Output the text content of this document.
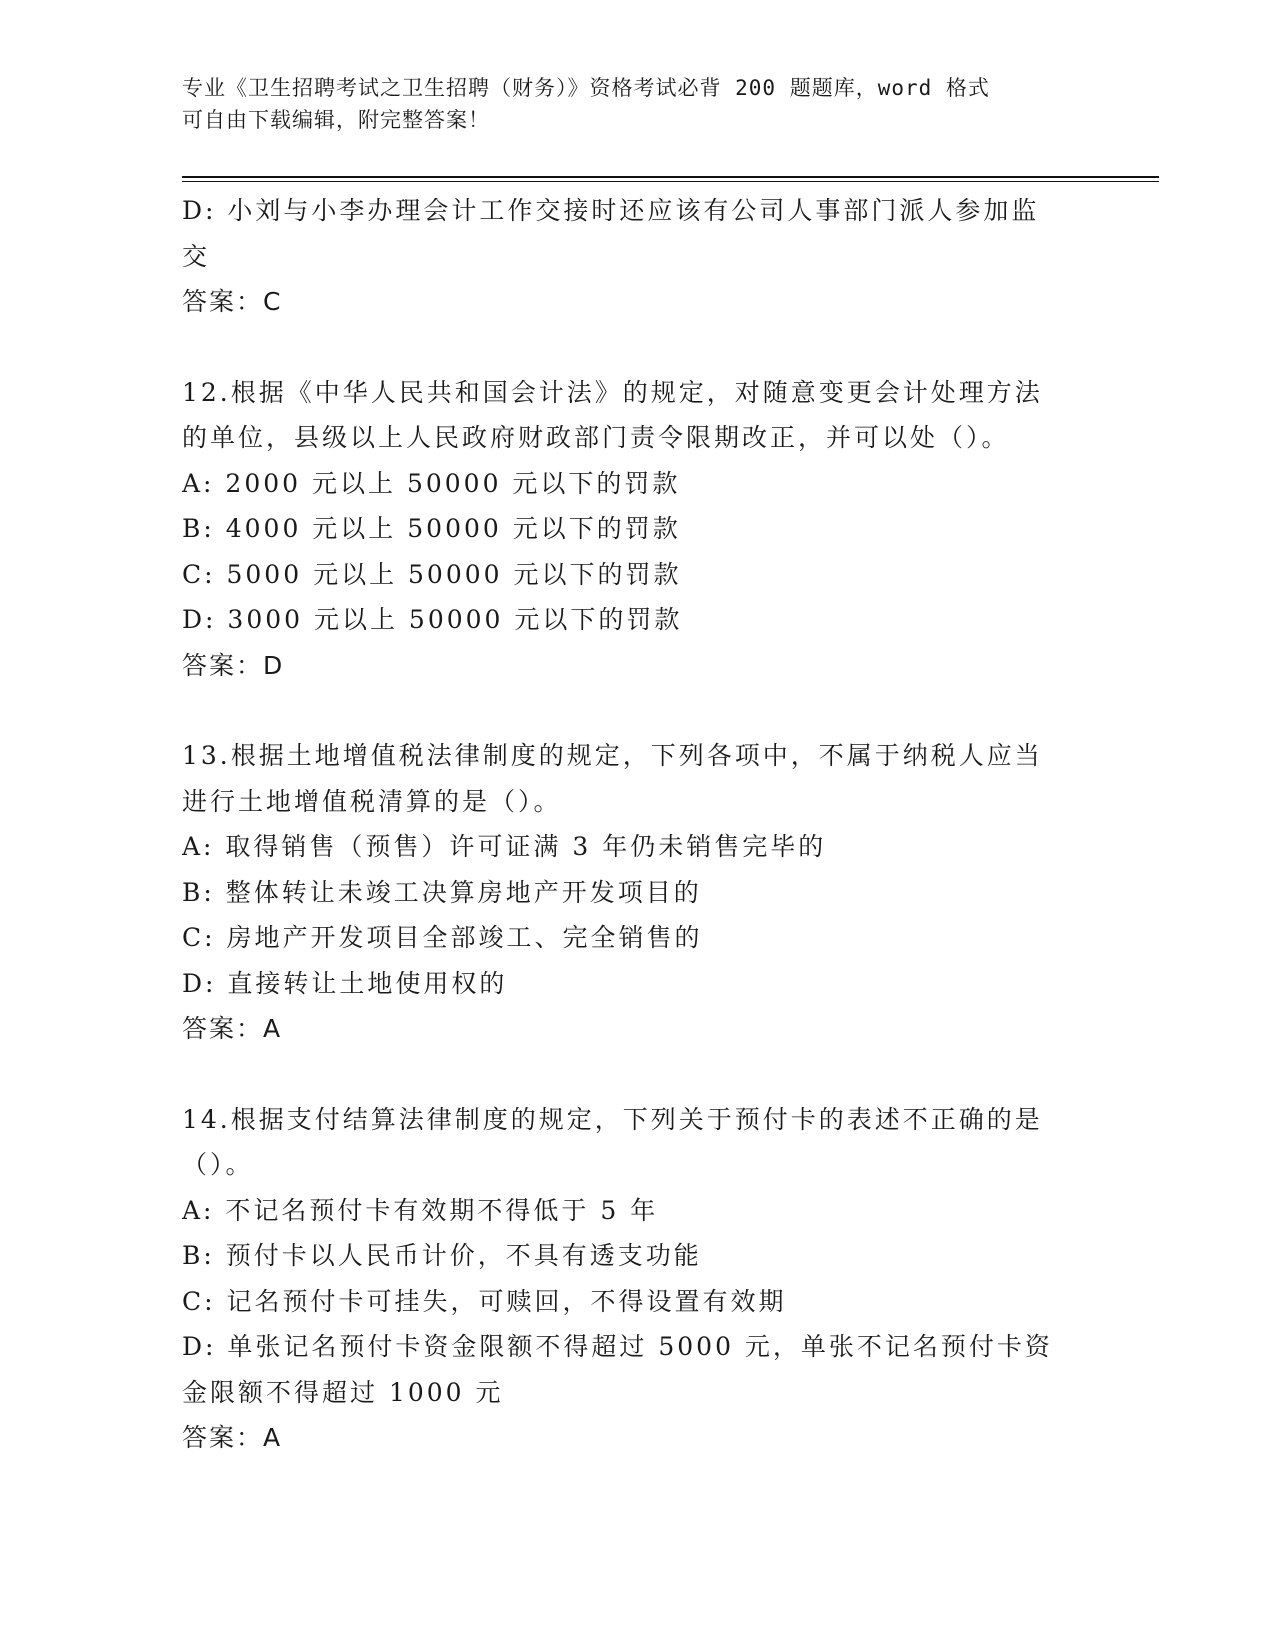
专业《卫生招聘考试之卫生招聘（财务）》资格考试必背 200 题题库，word 格式
可自由下载编辑，附完整答案！
D: 小刘与小李办理会计工作交接时还应该有公司人事部门派人参加监
交
答案：C
12.根据《中华人民共和国会计法》的规定，对随意变更会计处理方法
的单位，县级以上人民政府财政部门责令限期改正，并可以处（）。
A: 2000 元以上 50000 元以下的罚款
B: 4000 元以上 50000 元以下的罚款
C: 5000 元以上 50000 元以下的罚款
D: 3000 元以上 50000 元以下的罚款
答案：D
13.根据土地增值税法律制度的规定，下列各项中，不属于纳税人应当
进行土地增值税清算的是（）。
A: 取得销售（预售）许可证满 3 年仍未销售完毕的
B: 整体转让未竣工决算房地产开发项目的
C: 房地产开发项目全部竣工、完全销售的
D: 直接转让土地使用权的
答案：A
14.根据支付结算法律制度的规定，下列关于预付卡的表述不正确的是
（）。
A: 不记名预付卡有效期不得低于 5 年
B: 预付卡以人民币计价，不具有透支功能
C: 记名预付卡可挂失，可赎回，不得设置有效期
D: 单张记名预付卡资金限额不得超过 5000 元，单张不记名预付卡资
金限额不得超过 1000 元
答案：A
